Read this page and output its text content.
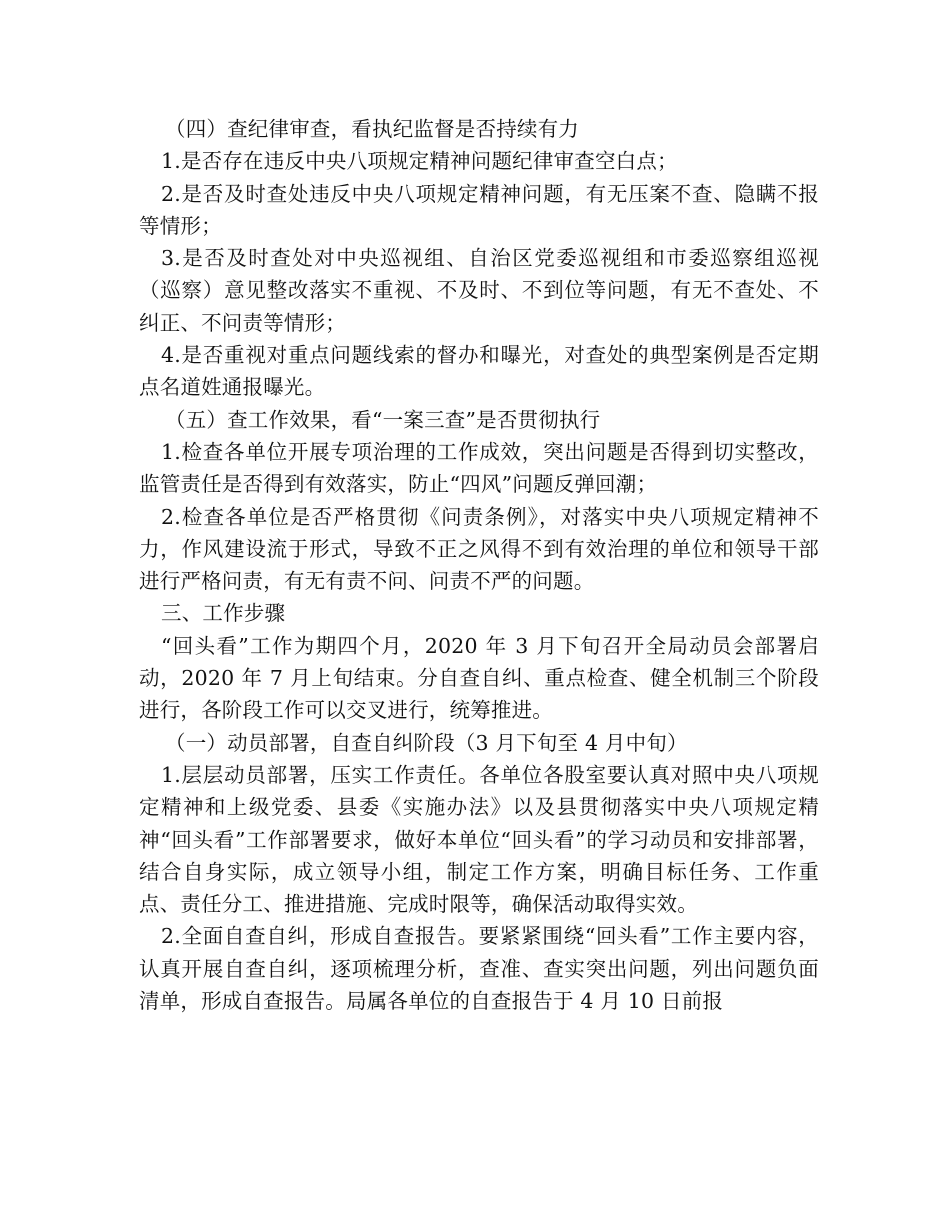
（四）查纪律审查，看执纪监督是否持续有力

1.是否存在违反中央八项规定精神问题纪律审查空白点；

2.是否及时查处违反中央八项规定精神问题，有无压案不查、隐瞒不报等情形；

3.是否及时查处对中央巡视组、自治区党委巡视组和市委巡察组巡视（巡察）意见整改落实不重视、不及时、不到位等问题，有无不查处、不纠正、不问责等情形；

4.是否重视对重点问题线索的督办和曝光，对查处的典型案例是否定期点名道姓通报曝光。

（五）查工作效果，看“一案三查”是否贯彻执行

1.检查各单位开展专项治理的工作成效，突出问题是否得到切实整改，监管责任是否得到有效落实，防止“四风”问题反弹回潮；

2.检查各单位是否严格贯彻《问责条例》，对落实中央八项规定精神不力，作风建设流于形式，导致不正之风得不到有效治理的单位和领导干部进行严格问责，有无有责不问、问责不严的问题。

三、工作步骤

“回头看”工作为期四个月，2020 年 3 月下旬召开全局动员会部署启动，2020 年 7 月上旬结束。分自查自纠、重点检查、健全机制三个阶段进行，各阶段工作可以交叉进行，统筹推进。

（一）动员部署，自查自纠阶段（3 月下旬至 4 月中旬）

1.层层动员部署，压实工作责任。各单位各股室要认真对照中央八项规定精神和上级党委、县委《实施办法》以及县贯彻落实中央八项规定精神“回头看”工作部署要求，做好本单位“回头看”的学习动员和安排部署，结合自身实际，成立领导小组，制定工作方案，明确目标任务、工作重点、责任分工、推进措施、完成时限等，确保活动取得实效。

2.全面自查自纠，形成自查报告。要紧紧围绕“回头看”工作主要内容，认真开展自查自纠，逐项梳理分析，查准、查实突出问题，列出问题负面清单，形成自查报告。局属各单位的自查报告于 4 月 10 日前报
